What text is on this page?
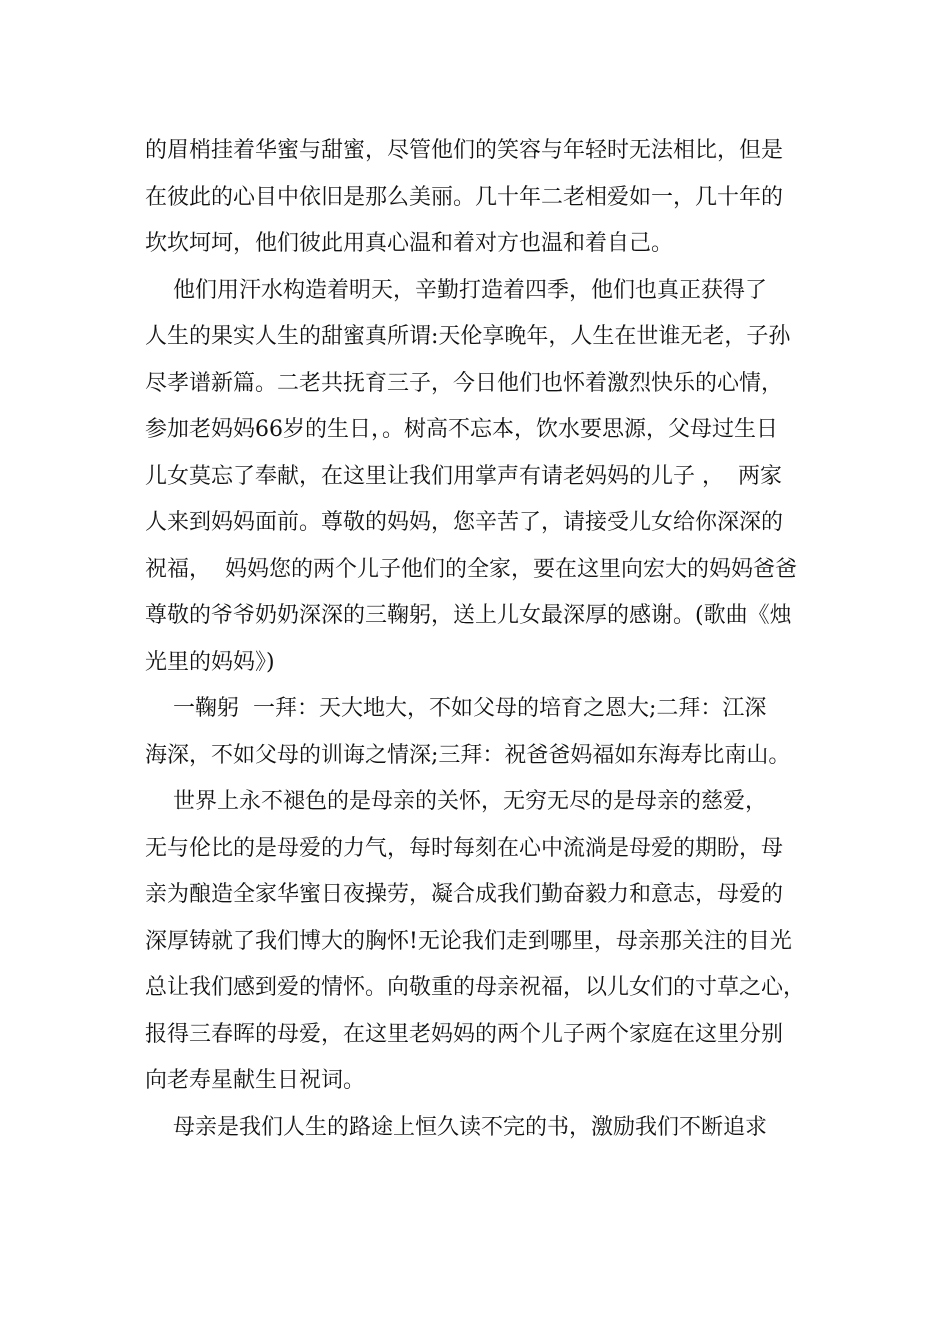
的眉梢挂着华蜜与甜蜜，尽管他们的笑容与年轻时无法相比，但是
在彼此的心目中依旧是那么美丽。几十年二老相爱如一，几十年的
坎坎坷坷，他们彼此用真心温和着对方也温和着自己。

他们用汗水构造着明天，辛勤打造着四季，他们也真正获得了
人生的果实人生的甜蜜真所谓:天伦享晚年，人生在世谁无老，子孙
尽孝谱新篇。二老共抚育三子，今日他们也怀着激烈快乐的心情，
参加老妈妈66岁的生日，。树高不忘本，饮水要思源，父母过生日
儿女莫忘了奉献，在这里让我们用掌声有请老妈妈的儿子 ，  两家
人来到妈妈面前。尊敬的妈妈，您辛苦了，请接受儿女给你深深的
祝福，  妈妈您的两个儿子他们的全家，要在这里向宏大的妈妈爸爸
尊敬的爷爷奶奶深深的三鞠躬，送上儿女最深厚的感谢。(歌曲《烛
光里的妈妈》)

一鞠躬  一拜：天大地大，不如父母的培育之恩大;二拜：江深
海深，不如父母的训诲之情深;三拜：祝爸爸妈福如东海寿比南山。

世界上永不褪色的是母亲的关怀，无穷无尽的是母亲的慈爱，
无与伦比的是母爱的力气，每时每刻在心中流淌是母爱的期盼，母
亲为酿造全家华蜜日夜操劳，凝合成我们勤奋毅力和意志，母爱的
深厚铸就了我们博大的胸怀!无论我们走到哪里，母亲那关注的目光
总让我们感到爱的情怀。向敬重的母亲祝福，以儿女们的寸草之心，
报得三春晖的母爱，在这里老妈妈的两个儿子两个家庭在这里分别
向老寿星献生日祝词。

母亲是我们人生的路途上恒久读不完的书，激励我们不断追求
